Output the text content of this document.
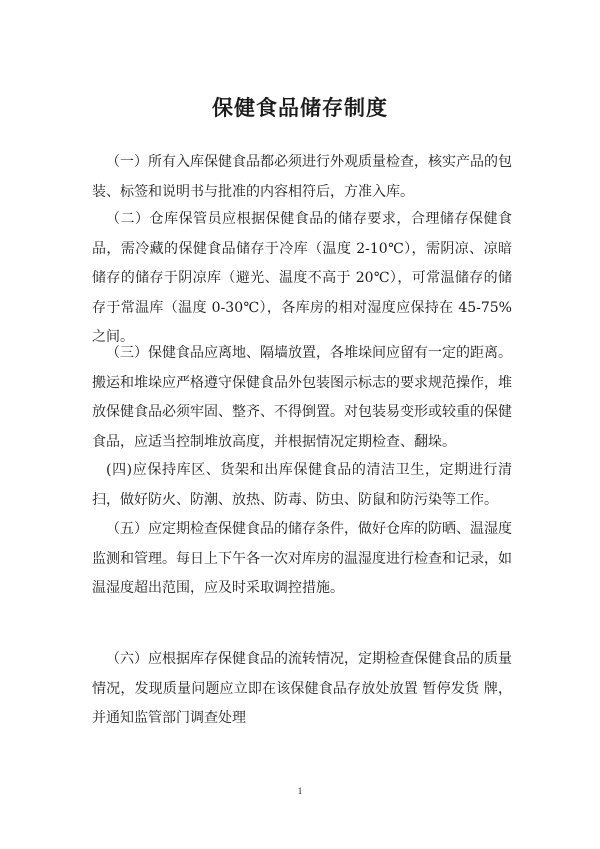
保健食品储存制度

（一）所有入库保健食品都必须进行外观质量检查，核实产品的包装、标签和说明书与批准的内容相符后，方准入库。

（二）仓库保管员应根据保健食品的储存要求，合理储存保健食品，需冷藏的保健食品储存于冷库（温度 2-10℃），需阴凉、凉暗储存的储存于阴凉库（避光、温度不高于 20℃），可常温储存的储存于常温库（温度 0-30℃），各库房的相对湿度应保持在 45-75%之间。

（三）保健食品应离地、隔墙放置，各堆垛间应留有一定的距离。搬运和堆垛应严格遵守保健食品外包装图示标志的要求规范操作，堆放保健食品必须牢固、整齐、不得倒置。对包装易变形或较重的保健食品，应适当控制堆放高度，并根据情况定期检查、翻垛。

(四)应保持库区、货架和出库保健食品的清洁卫生，定期进行清扫，做好防火、防潮、放热、防毒、防虫、防鼠和防污染等工作。

（五）应定期检查保健食品的储存条件，做好仓库的防晒、温湿度监测和管理。每日上下午各一次对库房的温湿度进行检查和记录，如温湿度超出范围，应及时采取调控措施。

（六）应根据库存保健食品的流转情况，定期检查保健食品的质量情况，发现质量问题应立即在该保健食品存放处放置 暂停发货 牌，并通知监管部门调查处理

1
